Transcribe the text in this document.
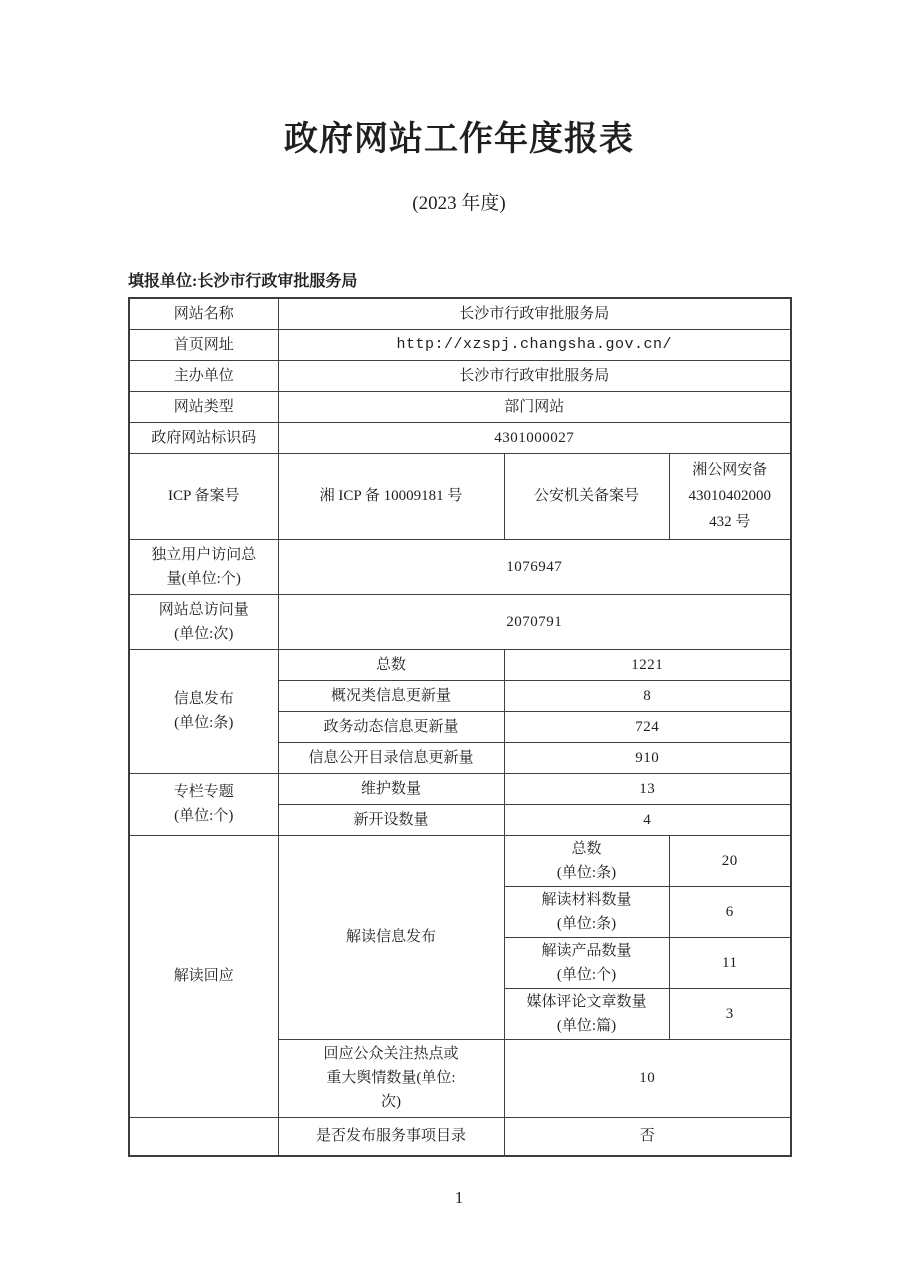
政府网站工作年度报表
(2023 年度)
填报单位:长沙市行政审批服务局
网站名称	长沙市行政审批服务局		
首页网址	http://xzspj.changsha.gov.cn/		
主办单位	长沙市行政审批服务局		
网站类型	部门网站		
政府网站标识码	4301000027		
ICP 备案号	湘 ICP 备 10009181 号	公安机关备案号	湘公网安备
43010402000
432 号

独立用户访问总
量(单位:个)	1076947		

网站总访问量
(单位:次)	2070791		

信息发布
(单位:条)	总数	1221	
	概况类信息更新量	8	
	政务动态信息更新量	724	
	信息公开目录信息更新量	910	

专栏专题
(单位:个)	维护数量	13	
	新开设数量	4	
解读回应	解读信息发布	总数
(单位:条)	20

		解读材料数量
(单位:条)	6

		解读产品数量
(单位:个)	11

		媒体评论文章数量
(单位:篇)	3

	回应公众关注热点或
重大舆情数量(单位:
次)	10	
	是否发布服务事项目录	否	
1
